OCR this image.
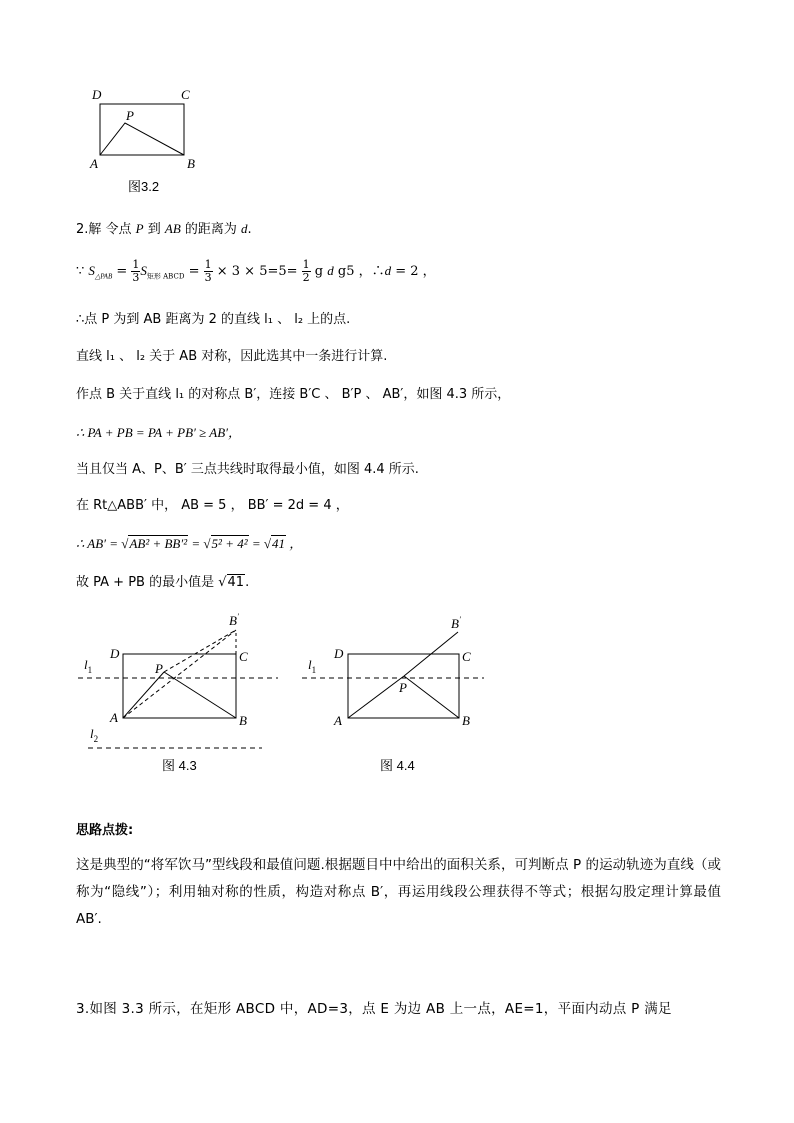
D	C
P
A	B
图3.2
2.解 令点 P 到 AB 的距离为 d.
∵ $S_{\triangle PAB} = \frac{1}{3} S_{矩形 ABCD} = \frac{1}{3} \times 3 \times 5=5= \frac{1}{2}$ g d g5 ，∴d = 2 ，
∴点 P 为到 AB 距离为 2 的直线 l₁ 、 l₂ 上的点.
直线 l₁ 、 l₂ 关于 AB 对称，因此选其中一条进行计算.
作点 B 关于直线 l₁ 的对称点 B′，连接 B′C 、 B′P 、 AB′，如图 4.3 所示，
∴ PA + PB = PA + PB′ ≥ AB′，
当且仅当 A、P、B′ 三点共线时取得最小值，如图 4.4 所示.
在 Rt△ABB′ 中， AB = 5 ， BB′ = 2d = 4 ，
∴ AB′ = √AB² + BB′² = √5² + 4² = √41 ，
故 PA + PB 的最小值是 √41.
B′
D	C
P
A	B
$l_1$
$l_2$
图 4.3
B′
D	C
P
A	B
$l_1$
图 4.4
思路点拨:
这是典型的“将军饮马”型线段和最值问题.根据题目中中给出的面积关系，可判断点 P 的运动轨迹为直线（或称为“隐线”）；利用轴对称的性质，构造对称点 B′，再运用线段公理获得不等式；根据勾股定理计算最值 AB′.
3.如图 3.3 所示，在矩形 ABCD 中，AD=3，点 E 为边 AB 上一点，AE=1，平面内动点 P 满足
